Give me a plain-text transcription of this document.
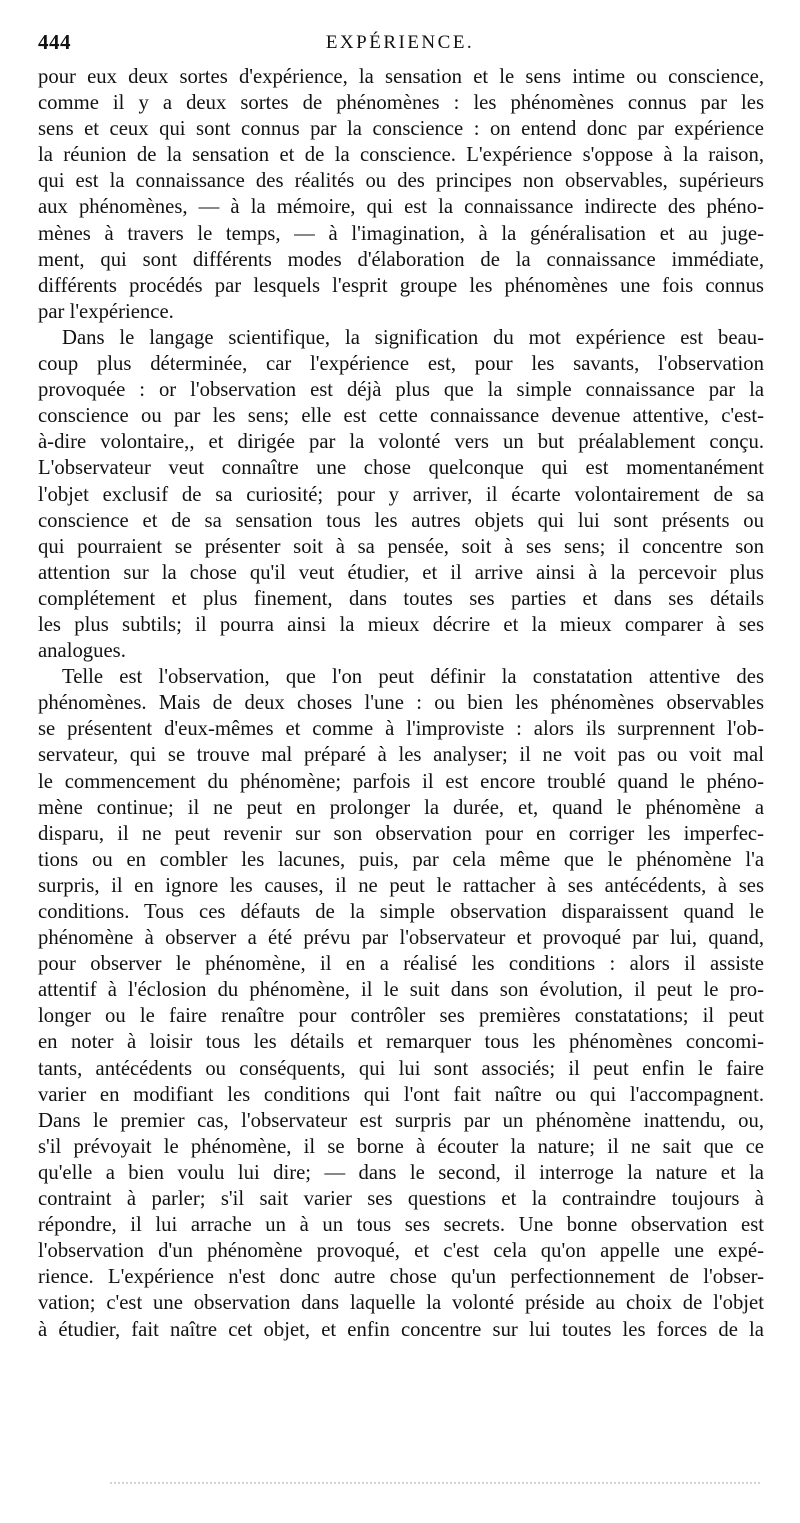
444	EXPÉRIENCE.
pour eux deux sortes d'expérience, la sensation et le sens intime ou conscience,
comme il y a deux sortes de phénomènes : les phénomènes connus par les
sens et ceux qui sont connus par la conscience : on entend donc par expérience
la réunion de la sensation et de la conscience. L'expérience s'oppose à la raison,
qui est la connaissance des réalités ou des principes non observables, supérieurs
aux phénomènes, — à la mémoire, qui est la connaissance indirecte des phéno-
mènes à travers le temps, — à l'imagination, à la généralisation et au juge-
ment, qui sont différents modes d'élaboration de la connaissance immédiate,
différents procédés par lesquels l'esprit groupe les phénomènes une fois connus
par l'expérience.
Dans le langage scientifique, la signification du mot expérience est beau-
coup plus déterminée, car l'expérience est, pour les savants, l'observation
provoquée : or l'observation est déjà plus que la simple connaissance par la
conscience ou par les sens; elle est cette connaissance devenue attentive, c'est-
à-dire volontaire,, et dirigée par la volonté vers un but préalablement conçu.
L'observateur veut connaître une chose quelconque qui est momentanément
l'objet exclusif de sa curiosité; pour y arriver, il écarte volontairement de sa
conscience et de sa sensation tous les autres objets qui lui sont présents ou
qui pourraient se présenter soit à sa pensée, soit à ses sens; il concentre son
attention sur la chose qu'il veut étudier, et il arrive ainsi à la percevoir plus
complétement et plus finement, dans toutes ses parties et dans ses détails
les plus subtils; il pourra ainsi la mieux décrire et la mieux comparer à ses
analogues.
Telle est l'observation, que l'on peut définir la constatation attentive des
phénomènes. Mais de deux choses l'une : ou bien les phénomènes observables
se présentent d'eux-mêmes et comme à l'improviste : alors ils surprennent l'ob-
servateur, qui se trouve mal préparé à les analyser; il ne voit pas ou voit mal
le commencement du phénomène; parfois il est encore troublé quand le phéno-
mène continue; il ne peut en prolonger la durée, et, quand le phénomène a
disparu, il ne peut revenir sur son observation pour en corriger les imperfec-
tions ou en combler les lacunes, puis, par cela même que le phénomène l'a
surpris, il en ignore les causes, il ne peut le rattacher à ses antécédents, à ses
conditions. Tous ces défauts de la simple observation disparaissent quand le
phénomène à observer a été prévu par l'observateur et provoqué par lui, quand,
pour observer le phénomène, il en a réalisé les conditions : alors il assiste
attentif à l'éclosion du phénomène, il le suit dans son évolution, il peut le pro-
longer ou le faire renaître pour contrôler ses premières constatations; il peut
en noter à loisir tous les détails et remarquer tous les phénomènes concomi-
tants, antécédents ou conséquents, qui lui sont associés; il peut enfin le faire
varier en modifiant les conditions qui l'ont fait naître ou qui l'accompagnent.
Dans le premier cas, l'observateur est surpris par un phénomène inattendu, ou,
s'il prévoyait le phénomène, il se borne à écouter la nature; il ne sait que ce
qu'elle a bien voulu lui dire; — dans le second, il interroge la nature et la
contraint à parler; s'il sait varier ses questions et la contraindre toujours à
répondre, il lui arrache un à un tous ses secrets. Une bonne observation est
l'observation d'un phénomène provoqué, et c'est cela qu'on appelle une expé-
rience. L'expérience n'est donc autre chose qu'un perfectionnement de l'obser-
vation; c'est une observation dans laquelle la volonté préside au choix de l'objet
à étudier, fait naître cet objet, et enfin concentre sur lui toutes les forces de la
